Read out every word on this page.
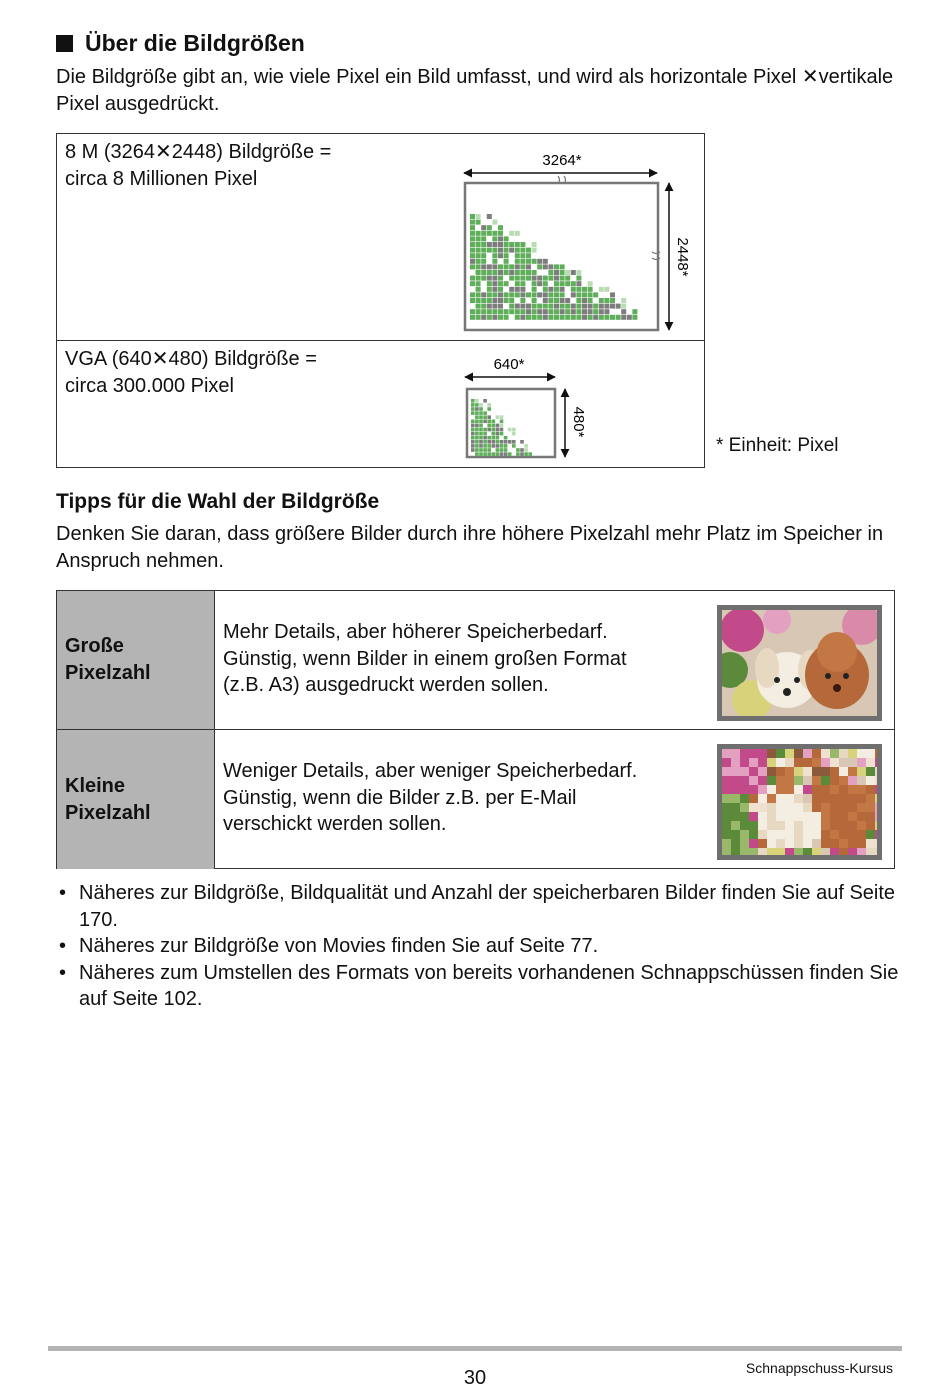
Über die Bildgrößen
Die Bildgröße gibt an, wie viele Pixel ein Bild umfasst, und wird als horizontale Pixel ✕vertikale Pixel ausgedrückt.
8 M (3264✕2448) Bildgröße =
circa 8 Millionen Pixel
3264*
2448*
VGA (640✕480) Bildgröße =
circa 300.000 Pixel
640*
480*
* Einheit: Pixel
Tipps für die Wahl der Bildgröße
Denken Sie daran, dass größere Bilder durch ihre höhere Pixelzahl mehr Platz im Speicher in Anspruch nehmen.
Große
Pixelzahl
Mehr Details, aber höherer Speicherbedarf.
Günstig, wenn Bilder in einem großen Format
(z.B. A3) ausgedruckt werden sollen.
Kleine
Pixelzahl
Weniger Details, aber weniger Speicherbedarf.
Günstig, wenn die Bilder z.B. per E-Mail
verschickt werden sollen.
• Näheres zur Bildgröße, Bildqualität und Anzahl der speicherbaren Bilder finden Sie auf Seite 170.
• Näheres zur Bildgröße von Movies finden Sie auf Seite 77.
• Näheres zum Umstellen des Formats von bereits vorhandenen Schnappschüssen finden Sie auf Seite 102.
30	Schnappschuss-Kursus
